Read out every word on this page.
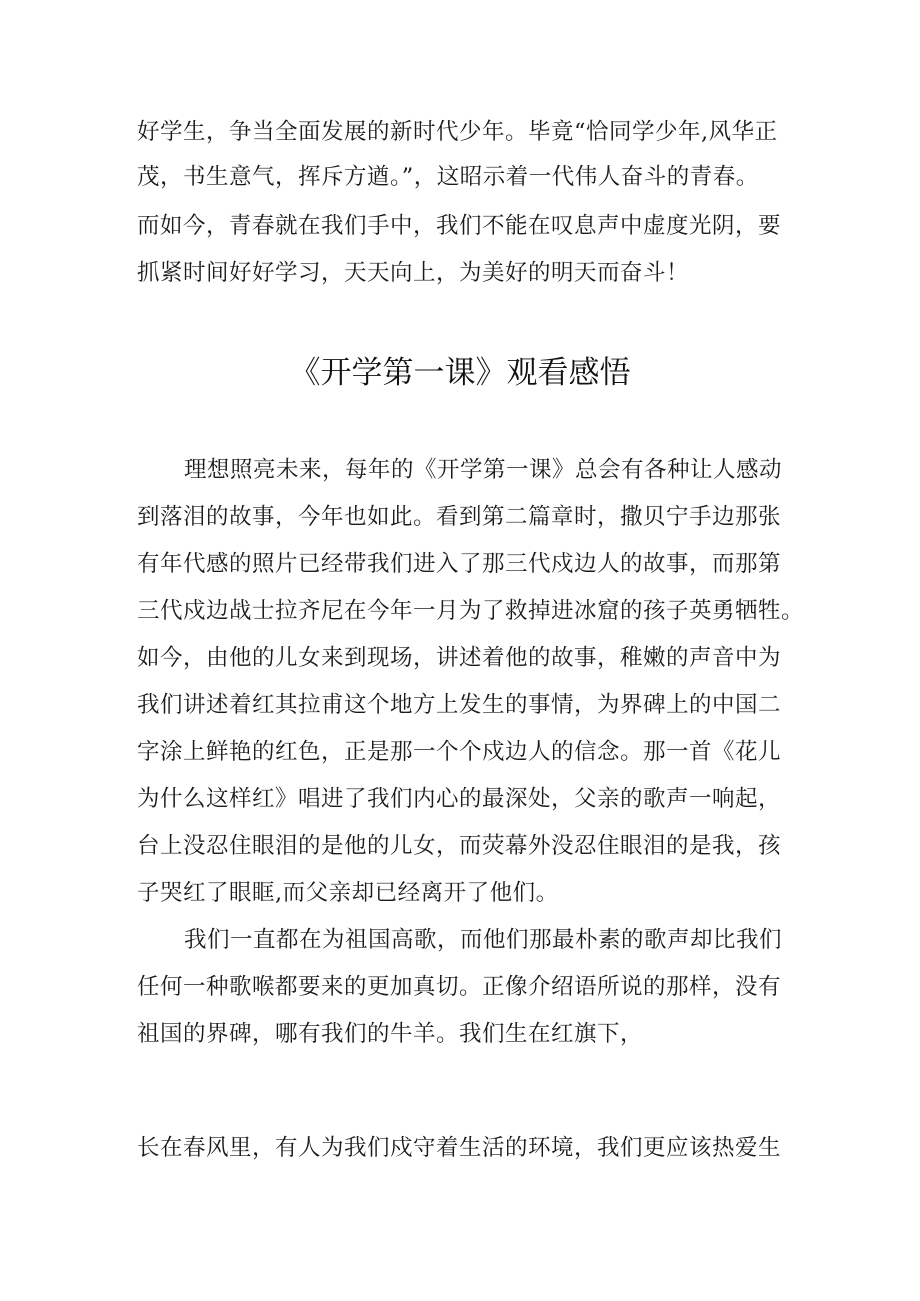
好学生，争当全面发展的新时代少年。毕竟“恰同学少年,风华正
茂，书生意气，挥斥方遒。”，这昭示着一代伟人奋斗的青春。
而如今，青春就在我们手中，我们不能在叹息声中虚度光阴，要
抓紧时间好好学习，天天向上，为美好的明天而奋斗！
《开学第一课》观看感悟
理想照亮未来，每年的《开学第一课》总会有各种让人感动
到落泪的故事，今年也如此。看到第二篇章时，撒贝宁手边那张
有年代感的照片已经带我们进入了那三代戍边人的故事，而那第
三代戍边战士拉齐尼在今年一月为了救掉进冰窟的孩子英勇牺牲。
如今，由他的儿女来到现场，讲述着他的故事，稚嫩的声音中为
我们讲述着红其拉甫这个地方上发生的事情，为界碑上的中国二
字涂上鲜艳的红色，正是那一个个戍边人的信念。那一首《花儿
为什么这样红》唱进了我们内心的最深处，父亲的歌声一响起，
台上没忍住眼泪的是他的儿女，而荧幕外没忍住眼泪的是我，孩
子哭红了眼眶,而父亲却已经离开了他们。
我们一直都在为祖国高歌，而他们那最朴素的歌声却比我们
任何一种歌喉都要来的更加真切。正像介绍语所说的那样，没有
祖国的界碑，哪有我们的牛羊。我们生在红旗下，
长在春风里，有人为我们戍守着生活的环境，我们更应该热爱生
